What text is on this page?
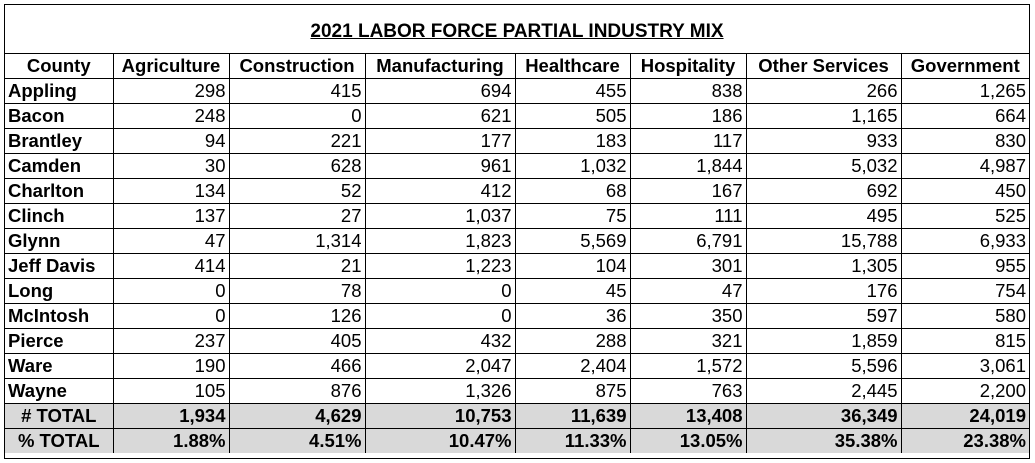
2021 LABOR FORCE PARTIAL INDUSTRY MIX
County	Agriculture	Construction	Manufacturing	Healthcare	Hospitality	Other Services	Government
Appling	298	415	694	455	838	266	1,265
Bacon	248	0	621	505	186	1,165	664
Brantley	94	221	177	183	117	933	830
Camden	30	628	961	1,032	1,844	5,032	4,987
Charlton	134	52	412	68	167	692	450
Clinch	137	27	1,037	75	111	495	525
Glynn	47	1,314	1,823	5,569	6,791	15,788	6,933
Jeff Davis	414	21	1,223	104	301	1,305	955
Long	0	78	0	45	47	176	754
McIntosh	0	126	0	36	350	597	580
Pierce	237	405	432	288	321	1,859	815
Ware	190	466	2,047	2,404	1,572	5,596	3,061
Wayne	105	876	1,326	875	763	2,445	2,200
# TOTAL	1,934	4,629	10,753	11,639	13,408	36,349	24,019
% TOTAL	1.88%	4.51%	10.47%	11.33%	13.05%	35.38%	23.38%
